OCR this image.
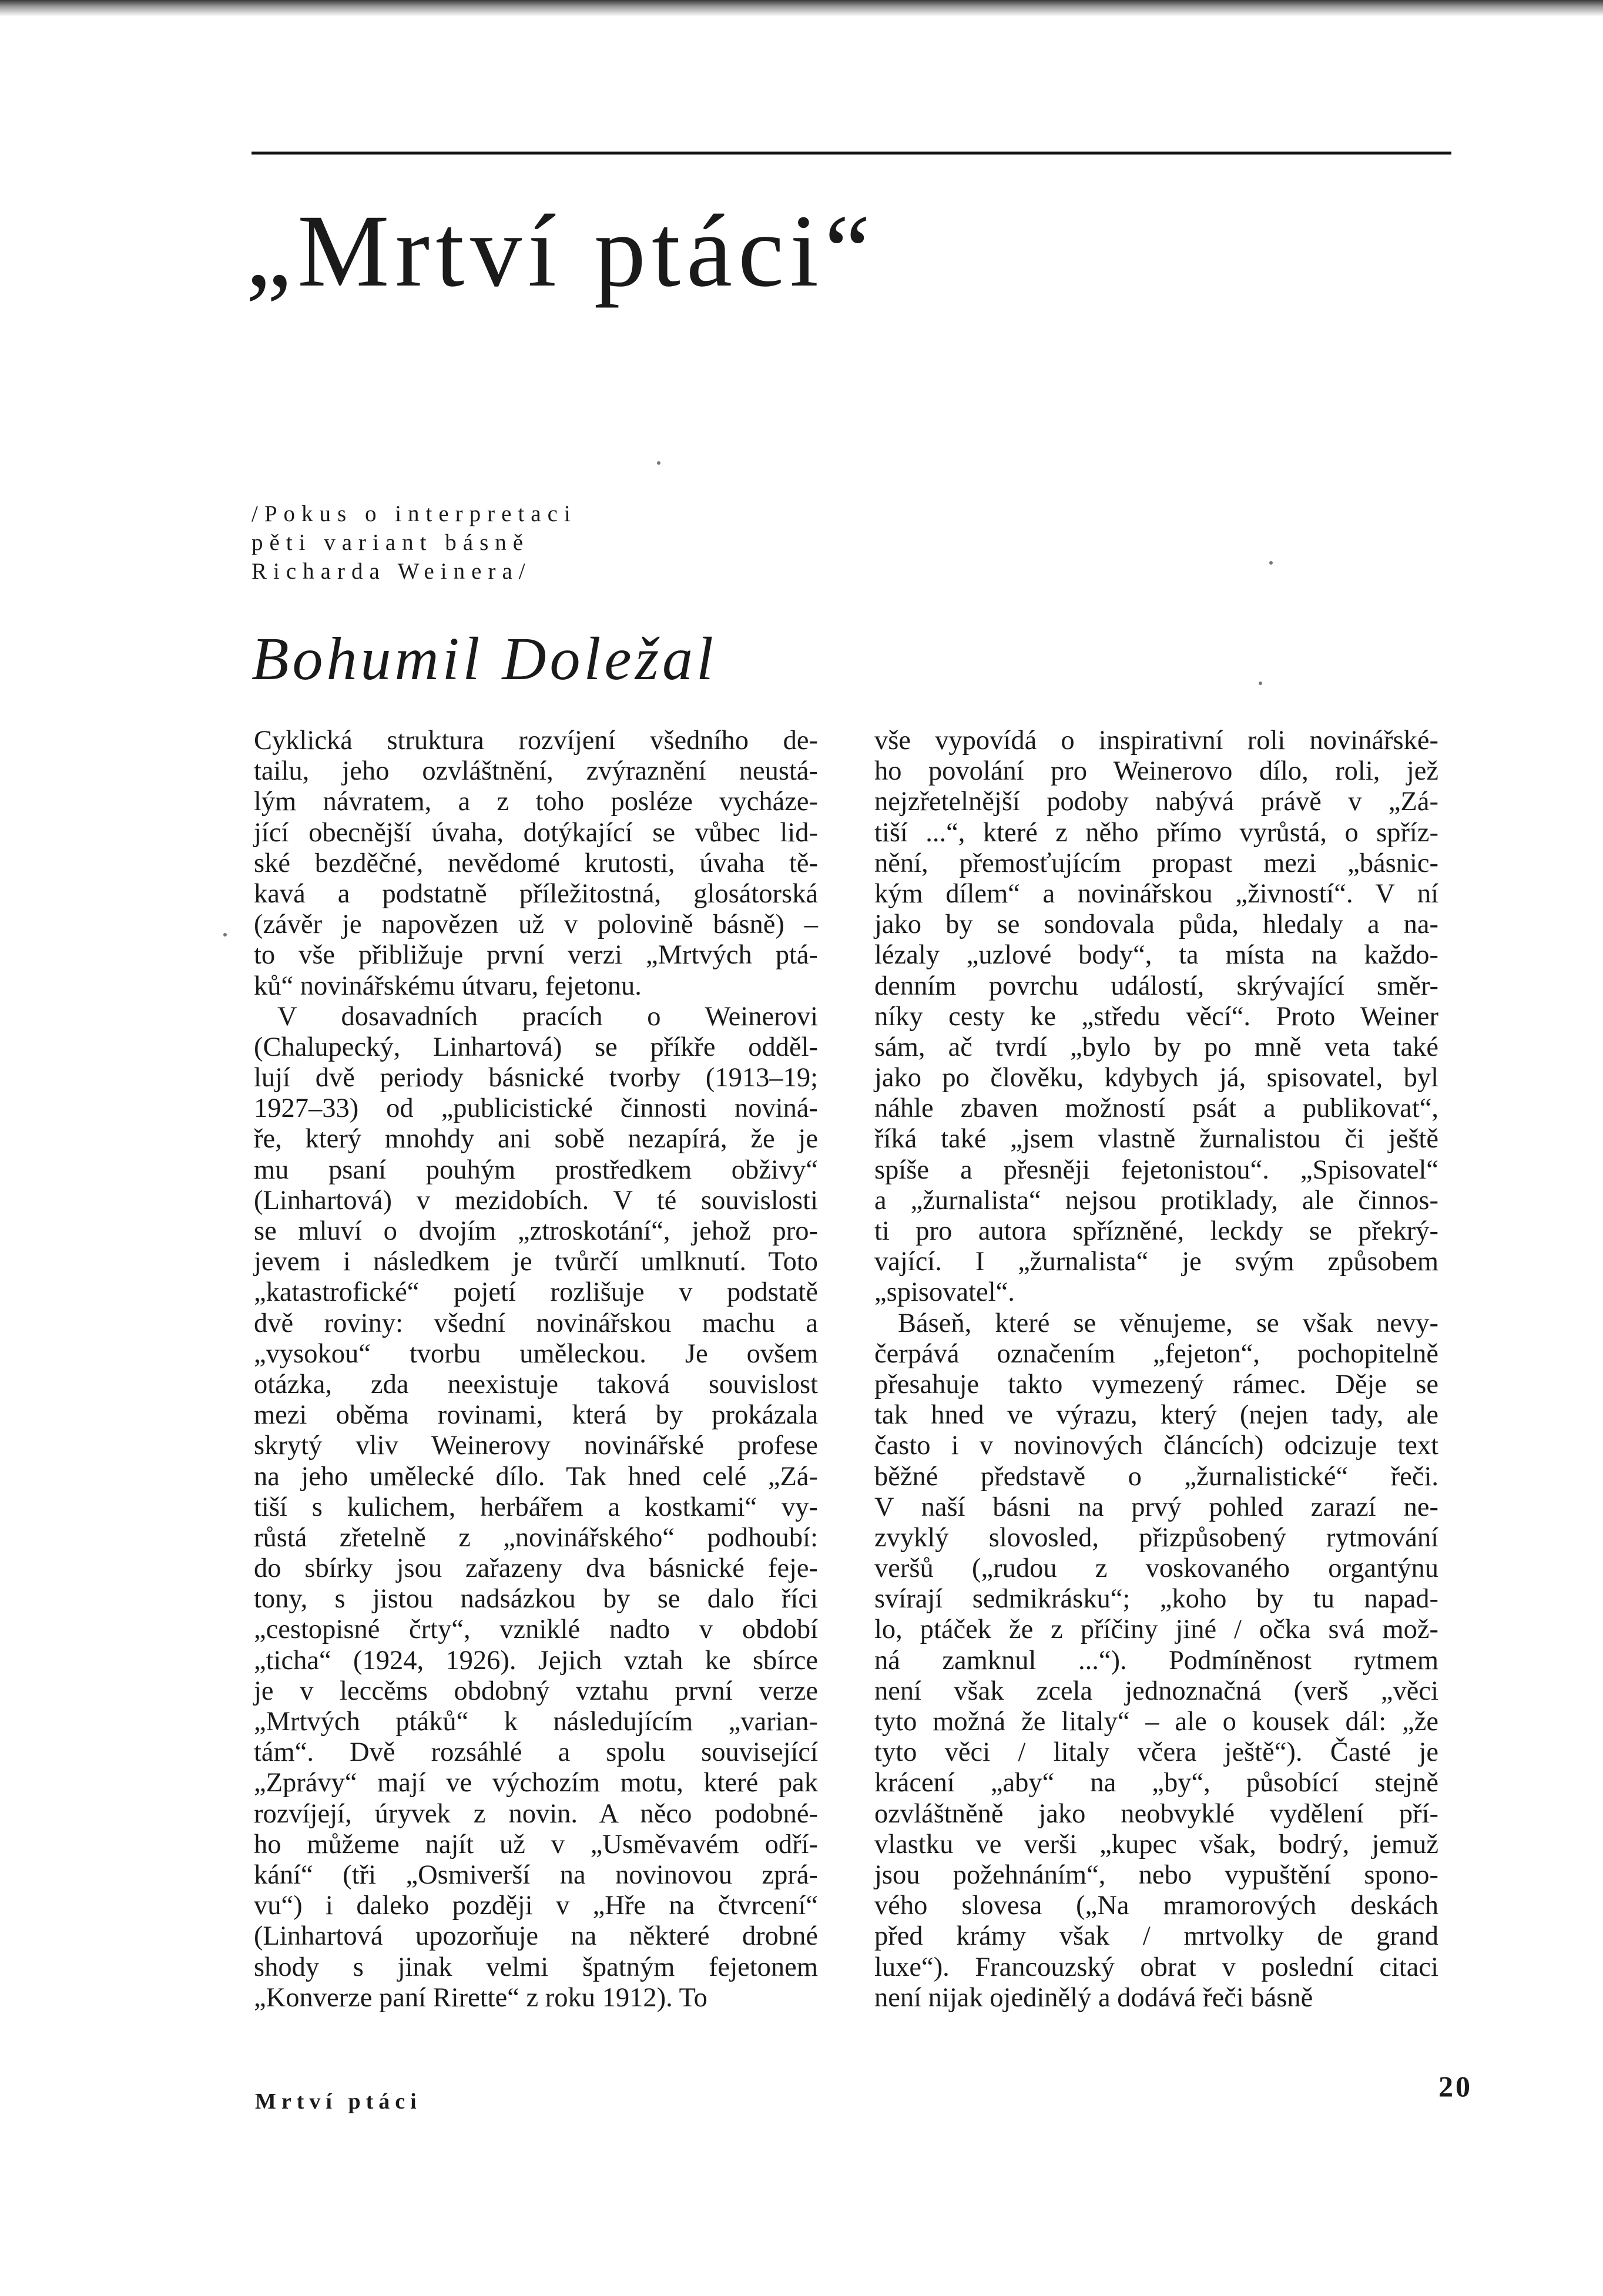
„Mrtví ptáci“
/Pokus o interpretaci
pěti variant básně
Richarda Weinera/
Bohumil Doležal
Cyklická struktura rozvíjení všedního de-
tailu, jeho ozvláštnění, zvýraznění neustá-
lým návratem, a z toho posléze vycháze-
jící obecnější úvaha, dotýkající se vůbec lid-
ské bezděčné, nevědomé krutosti, úvaha tě-
kavá a podstatně příležitostná, glosátorská
(závěr je napovězen už v polovině básně) –
to vše přibližuje první verzi „Mrtvých ptá-
ků“ novinářskému útvaru, fejetonu.
V dosavadních pracích o Weinerovi
(Chalupecký, Linhartová) se příkře odděl-
lují dvě periody básnické tvorby (1913–19;
1927–33) od „publicistické činnosti noviná-
ře, který mnohdy ani sobě nezapírá, že je
mu psaní pouhým prostředkem obživy“
(Linhartová) v mezidobích. V té souvislosti
se mluví o dvojím „ztroskotání“, jehož pro-
jevem i následkem je tvůrčí umlknutí. Toto
„katastrofické“ pojetí rozlišuje v podstatě
dvě roviny: všední novinářskou machu a
„vysokou“ tvorbu uměleckou. Je ovšem
otázka, zda neexistuje taková souvislost
mezi oběma rovinami, která by prokázala
skrytý vliv Weinerovy novinářské profese
na jeho umělecké dílo. Tak hned celé „Zá-
tiší s kulichem, herbářem a kostkami“ vy-
růstá zřetelně z „novinářského“ podhoubí:
do sbírky jsou zařazeny dva básnické feje-
tony, s jistou nadsázkou by se dalo říci
„cestopisné črty“, vzniklé nadto v období
„ticha“ (1924, 1926). Jejich vztah ke sbírce
je v leccěms obdobný vztahu první verze
„Mrtvých ptáků“ k následujícím „varian-
tám“. Dvě rozsáhlé a spolu související
„Zprávy“ mají ve výchozím motu, které pak
rozvíjejí, úryvek z novin. A něco podobné-
ho můžeme najít už v „Usměvavém odří-
kání“ (tři „Osmiverší na novinovou zprá-
vu“) i daleko později v „Hře na čtvrcení“
(Linhartová upozorňuje na některé drobné
shody s jinak velmi špatným fejetonem
„Konverze paní Rirette“ z roku 1912). To
vše vypovídá o inspirativní roli novinářské-
ho povolání pro Weinerovo dílo, roli, jež
nejzřetelnější podoby nabývá právě v „Zá-
tiší ...“, které z něho přímo vyrůstá, o spříz-
nění, přemosťujícím propast mezi „básnic-
kým dílem“ a novinářskou „živností“. V ní
jako by se sondovala půda, hledaly a na-
lézaly „uzlové body“, ta místa na každo-
denním povrchu událostí, skrývající směr-
níky cesty ke „středu věcí“. Proto Weiner
sám, ač tvrdí „bylo by po mně veta také
jako po člověku, kdybych já, spisovatel, byl
náhle zbaven možností psát a publikovat“,
říká také „jsem vlastně žurnalistou či ještě
spíše a přesněji fejetonistou“. „Spisovatel“
a „žurnalista“ nejsou protiklady, ale činnos-
ti pro autora spřízněné, leckdy se překrý-
vající. I „žurnalista“ je svým způsobem
„spisovatel“.
Báseň, které se věnujeme, se však nevy-
čerpává označením „fejeton“, pochopitelně
přesahuje takto vymezený rámec. Děje se
tak hned ve výrazu, který (nejen tady, ale
často i v novinových článcích) odcizuje text
běžné představě o „žurnalistické“ řeči.
V naší básni na prvý pohled zarazí ne-
zvyklý slovosled, přizpůsobený rytmování
veršů („rudou z voskovaného organtýnu
svírají sedmikrásku“; „koho by tu napad-
lo, ptáček že z příčiny jiné / očka svá mož-
ná zamknul ...“). Podmíněnost rytmem
není však zcela jednoznačná (verš „věci
tyto možná že litaly“ – ale o kousek dál: „že
tyto věci / litaly včera ještě“). Časté je
krácení „aby“ na „by“, působící stejně
ozvláštněně jako neobvyklé vydělení pří-
vlastku ve verši „kupec však, bodrý, jemuž
jsou požehnáním“, nebo vypuštění spono-
vého slovesa („Na mramorových deskách
před krámy však / mrtvolky de grand
luxe“). Francouzský obrat v poslední citaci
není nijak ojedinělý a dodává řeči básně
Mrtví ptáci	20
